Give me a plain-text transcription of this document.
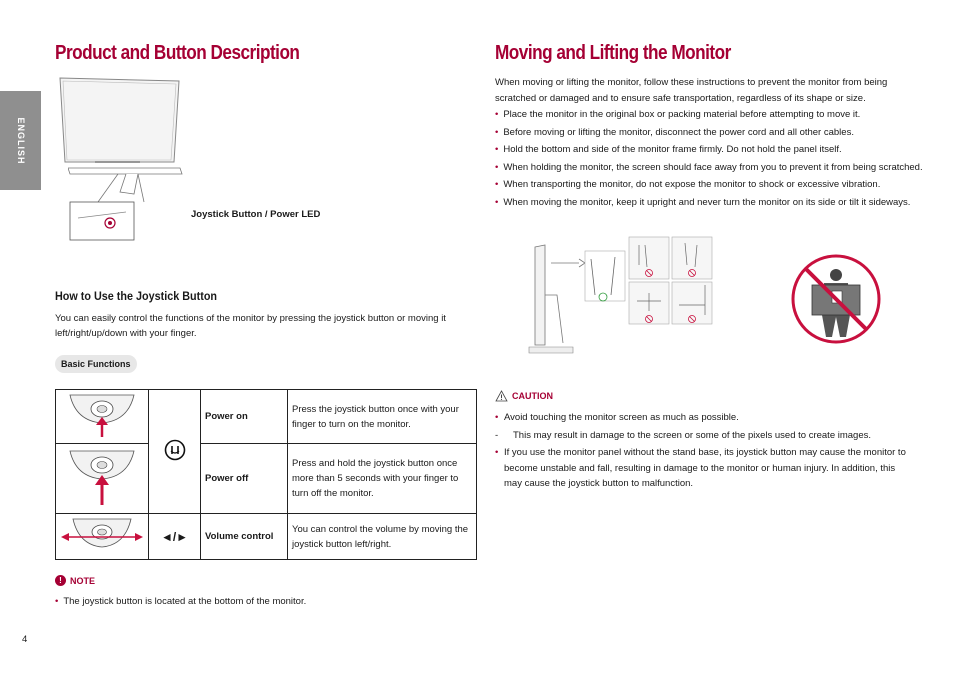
ENGLISH
Product and Button Description
Joystick Button / Power LED
How to Use the Joystick Button
You can easily control the functions of the monitor by pressing the joystick button or moving it left/right/up/down with your finger.
Basic Functions
		Power on	Press the joystick button once with your finger to turn on the monitor.
	Power off	Press and hold the joystick button once more than 5 seconds with your finger to turn off the monitor.
	◄/►	Volume control	You can control the volume by moving the joystick button left/right.
! NOTE
• The joystick button is located at the bottom of the monitor.
4
Moving and Lifting the Monitor
When moving or lifting the monitor, follow these instructions to prevent the monitor from being scratched or damaged and to ensure safe transportation, regardless of its shape or size.
• Place the monitor in the original box or packing material before attempting to move it.
• Before moving or lifting the monitor, disconnect the power cord and all other cables.
• Hold the bottom and side of the monitor frame firmly. Do not hold the panel itself.
• When holding the monitor, the screen should face away from you to prevent it from being scratched.
• When transporting the monitor, do not expose the monitor to shock or excessive vibration.
• When moving the monitor, keep it upright and never turn the monitor on its side or tilt it sideways.
CAUTION
• Avoid touching the monitor screen as much as possible.
- This may result in damage to the screen or some of the pixels used to create images.
• If you use the monitor panel without the stand base, its joystick button may cause the monitor to become unstable and fall, resulting in damage to the monitor or human injury. In addition, this may cause the joystick button to malfunction.
